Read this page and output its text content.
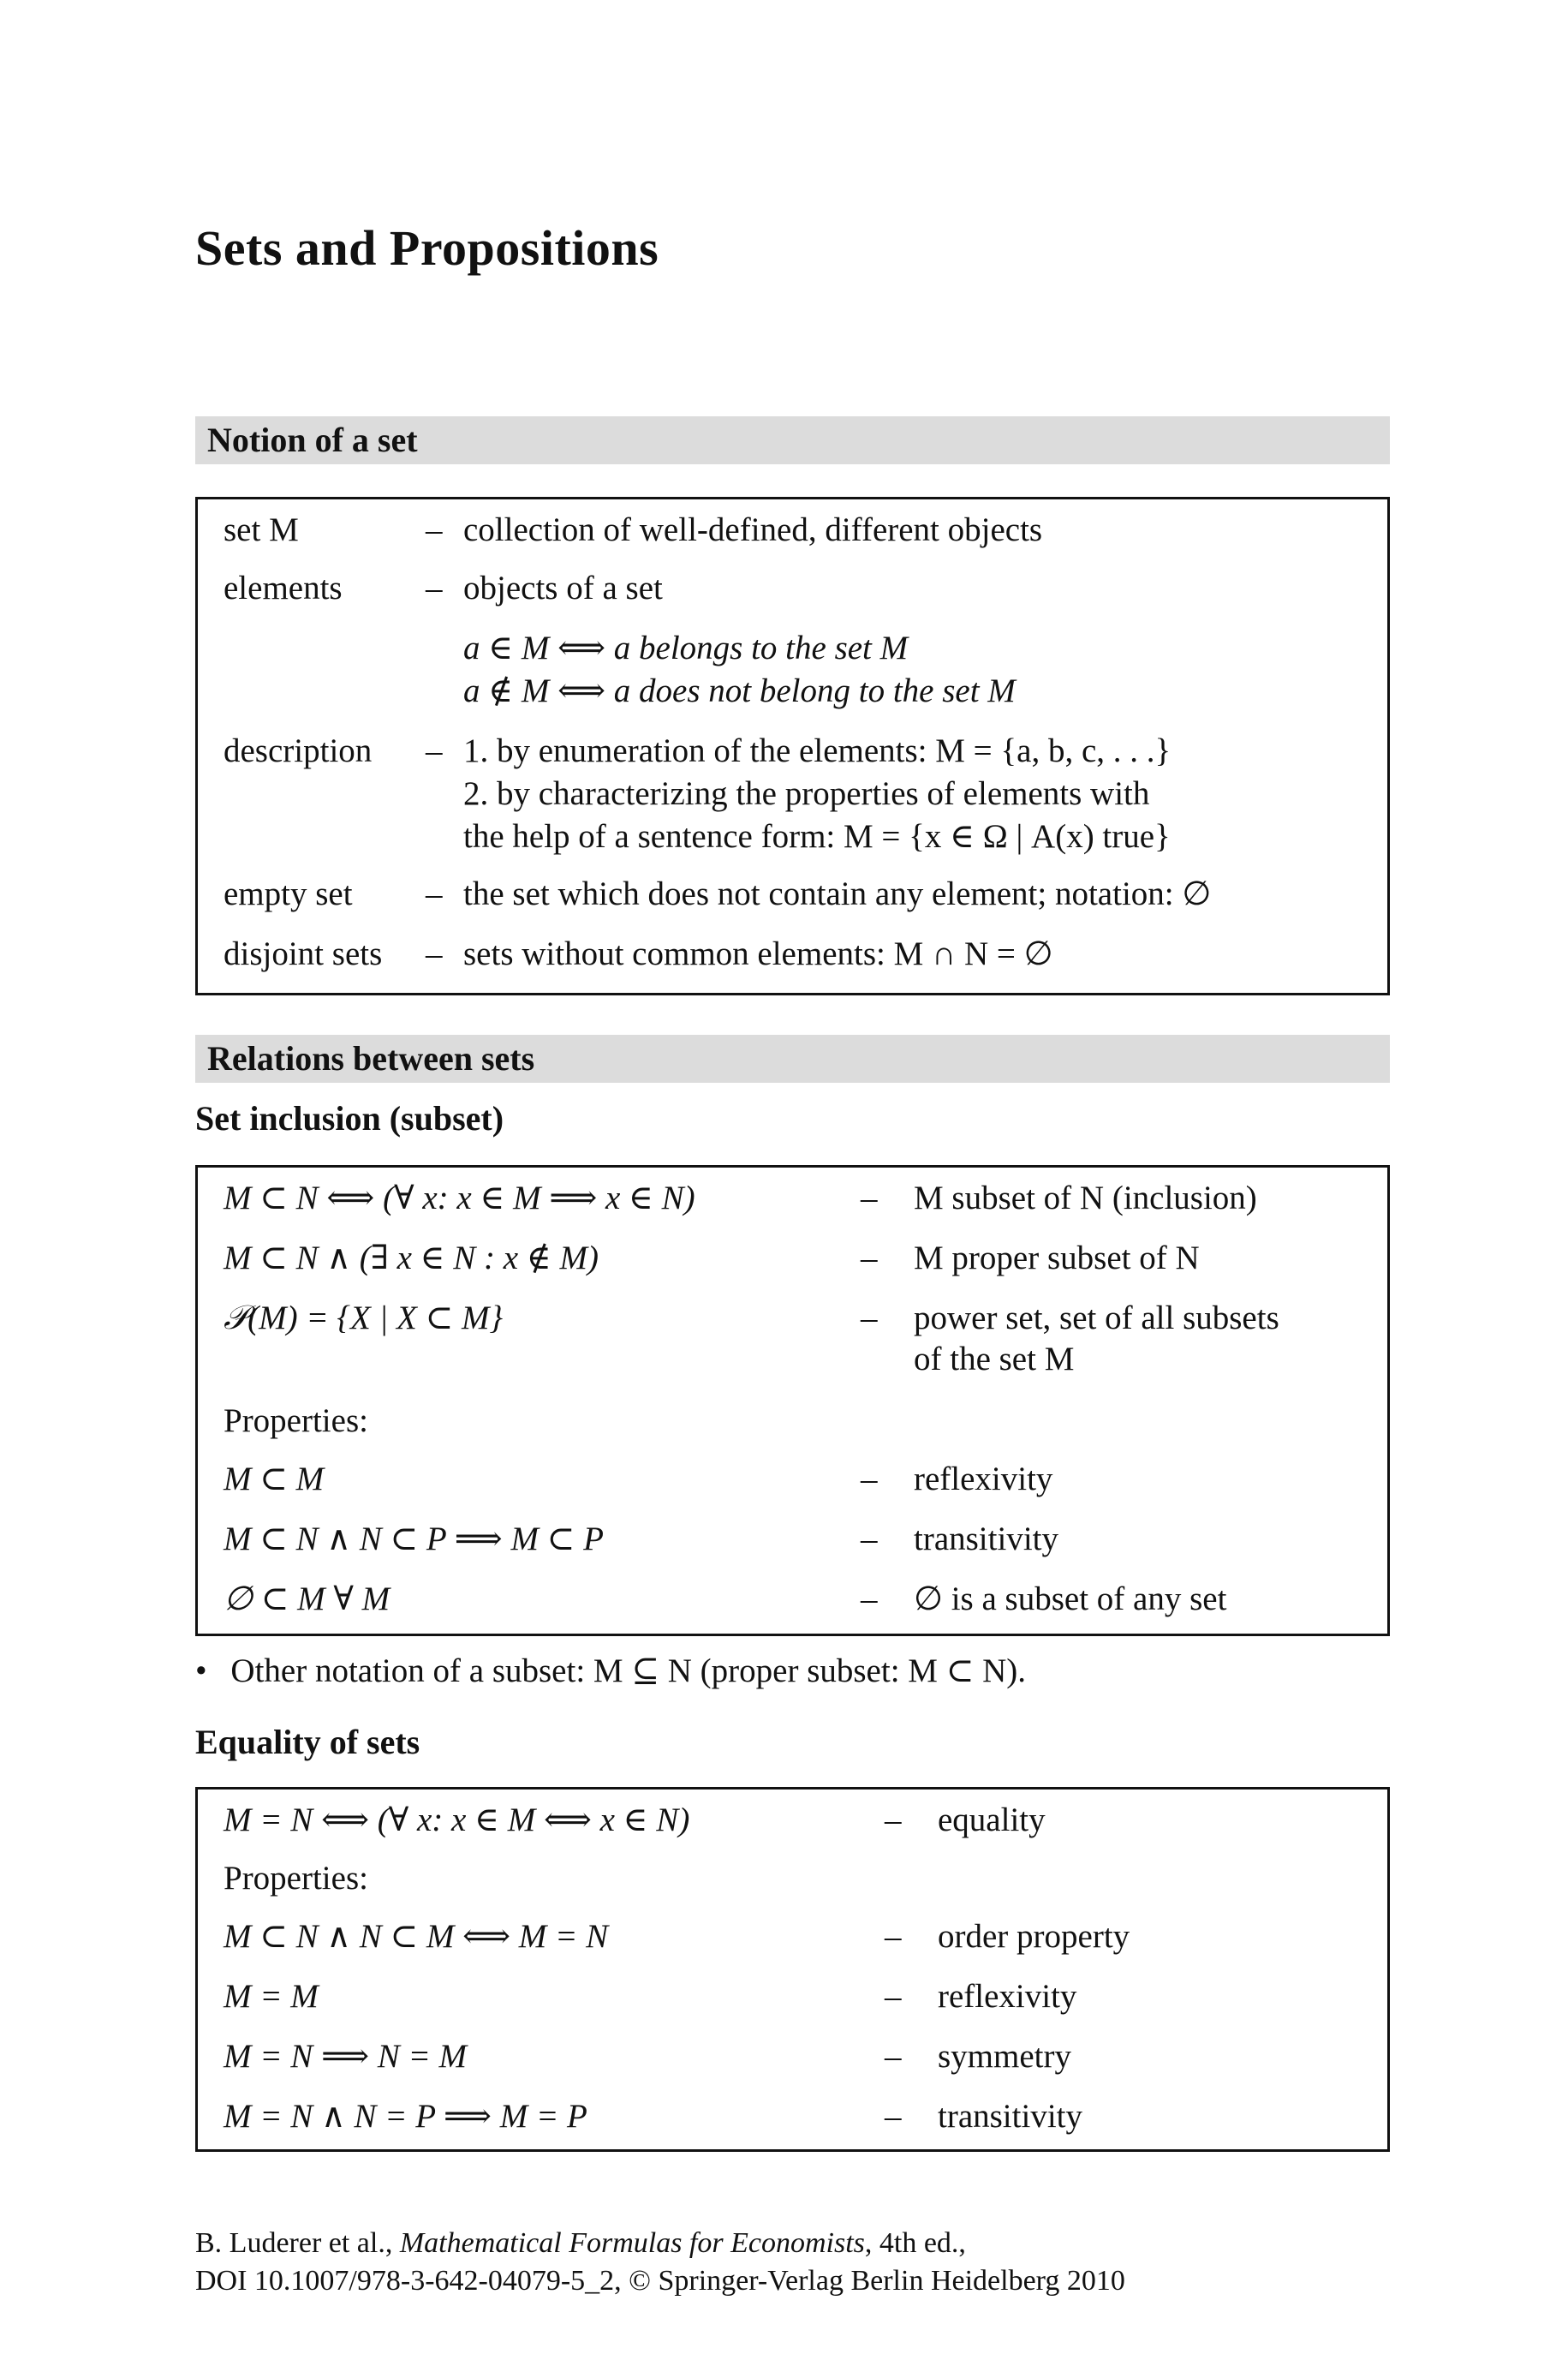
Sets and Propositions
Notion of a set
set M	– collection of well-defined, different objects
elements – objects of a set
a ∈ M ⟺ a belongs to the set M
a ∉ M ⟺ a does not belong to the set M
description – 1. by enumeration of the elements: M = {a, b, c, . . .}
2. by characterizing the properties of elements with
the help of a sentence form: M = {x ∈ Ω | A(x) true}
empty set – the set which does not contain any element; notation: ∅
disjoint sets – sets without common elements: M ∩ N = ∅
Relations between sets
Set inclusion (subset)
M ⊂ N ⟺ (∀ x: x ∈ M ⟹ x ∈ N)	– M subset of N (inclusion)
M ⊂ N ∧ (∃ x ∈ N : x ∉ M)	– M proper subset of N
𝒫(M) = {X | X ⊂ M}	– power set, set of all subsets
of the set M
Properties:
M ⊂ M	– reflexivity
M ⊂ N ∧ N ⊂ P ⟹ M ⊂ P	– transitivity
∅ ⊂ M ∀ M	– ∅ is a subset of any set
• Other notation of a subset: M ⊆ N (proper subset: M ⊂ N).
Equality of sets
M = N ⟺ (∀ x: x ∈ M ⟺ x ∈ N)	– equality
Properties:
M ⊂ N ∧ N ⊂ M ⟺ M = N	– order property
M = M	– reflexivity
M = N ⟹ N = M	– symmetry
M = N ∧ N = P ⟹ M = P	– transitivity
B. Luderer et al., Mathematical Formulas for Economists, 4th ed.,
DOI 10.1007/978-3-642-04079-5_2, © Springer-Verlag Berlin Heidelberg 2010
